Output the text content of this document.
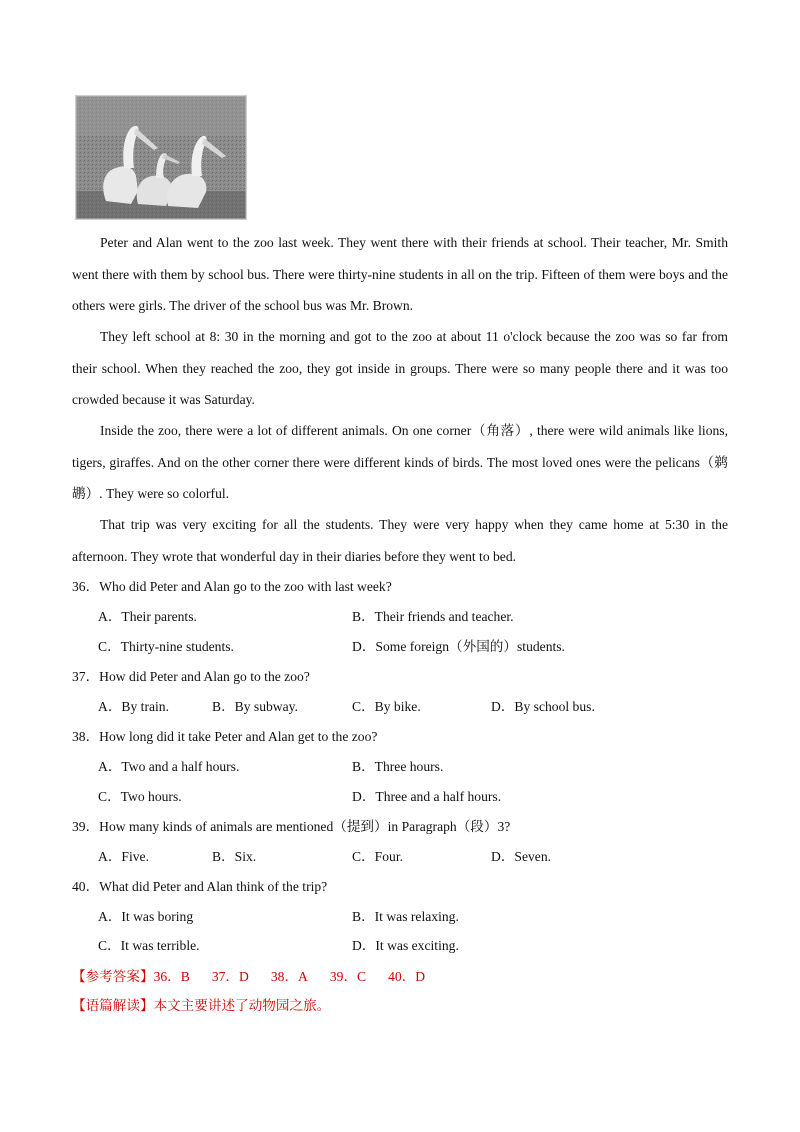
Peter and Alan went to the zoo last week. They went there with their friends at school. Their teacher, Mr. Smith went there with them by school bus. There were thirty-nine students in all on the trip. Fifteen of them were boys and the others were girls. The driver of the school bus was Mr. Brown.

They left school at 8: 30 in the morning and got to the zoo at about 11 o'clock because the zoo was so far from their school. When they reached the zoo, they got inside in groups. There were so many people there and it was too crowded because it was Saturday.

Inside the zoo, there were a lot of different animals. On one corner（角落）, there were wild animals like lions, tigers, giraffes. And on the other corner there were different kinds of birds. The most loved ones were the pelicans（鹈鹕）. They were so colorful.

That trip was very exciting for all the students. They were very happy when they came home at 5:30 in the afternoon. They wrote that wonderful day in their diaries before they went to bed.

36．Who did Peter and Alan go to the zoo with last week?
A．Their parents.	B．Their friends and teacher.
C．Thirty-nine students.	D．Some foreign（外国的）students.
37．How did Peter and Alan go to the zoo?
A．By train.	B．By subway.	C．By bike.	D．By school bus.
38．How long did it take Peter and Alan get to the zoo?
A．Two and a half hours.	B．Three hours.
C．Two hours.	D．Three and a half hours.
39．How many kinds of animals are mentioned（提到）in Paragraph（段）3?
A．Five.	B．Six.	C．Four.	D．Seven.
40．What did Peter and Alan think of the trip?
A．It was boring	B．It was relaxing.
C．It was terrible.	D．It was exciting.
【参考答案】36．B 37．D 38．A 39．C 40．D
【语篇解读】本文主要讲述了动物园之旅。
